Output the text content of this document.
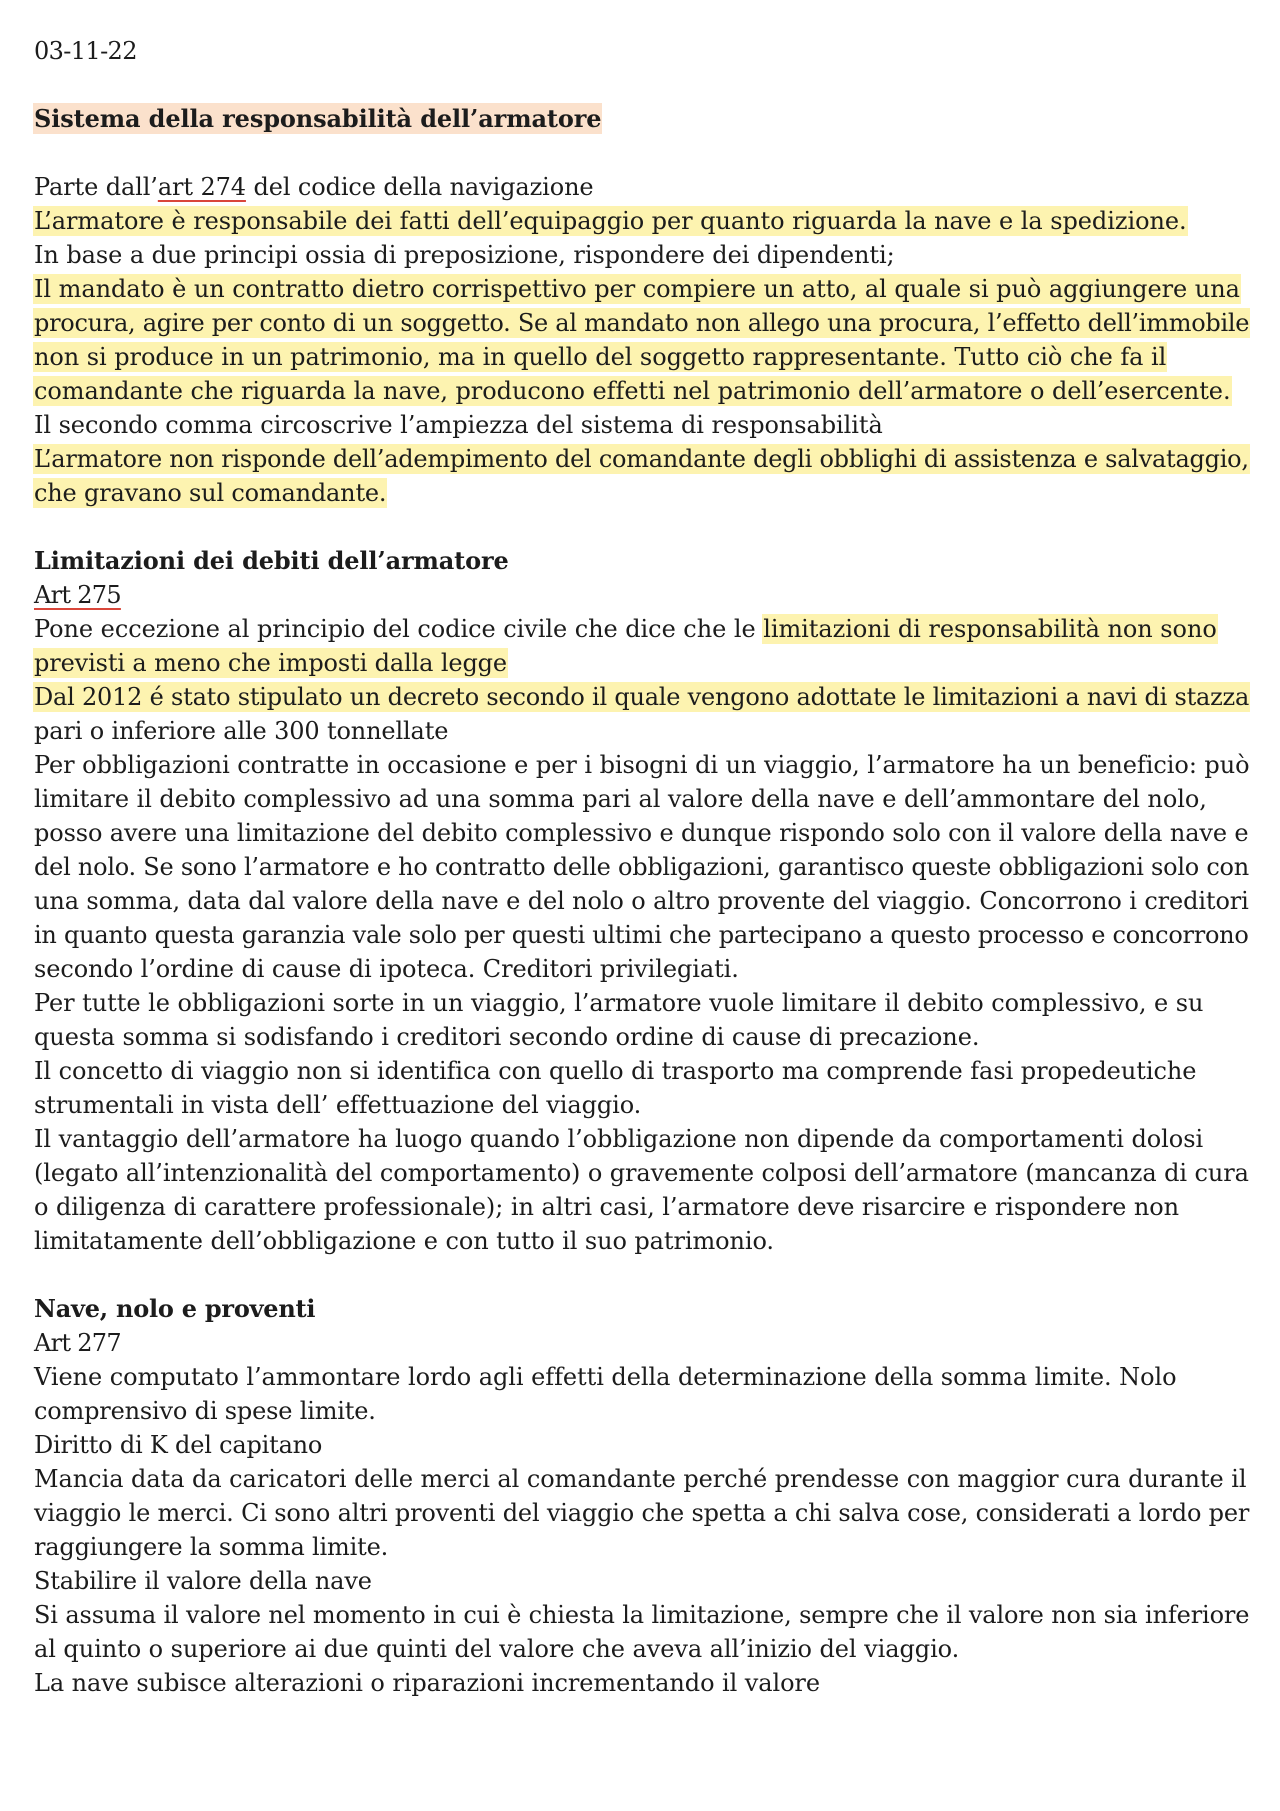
03-11-22
Sistema della responsabilità dell’armatore
Parte dall’art 274 del codice della navigazione
L’armatore è responsabile dei fatti dell’equipaggio per quanto riguarda la nave e la spedizione.
In base a due principi ossia di preposizione, rispondere dei dipendenti;
Il mandato è un contratto dietro corrispettivo per compiere un atto, al quale si può aggiungere una
procura, agire per conto di un soggetto. Se al mandato non allego una procura, l’effetto dell’immobile
non si produce in un patrimonio, ma in quello del soggetto rappresentante. Tutto ciò che fa il
comandante che riguarda la nave, producono effetti nel patrimonio dell’armatore o dell’esercente.
Il secondo comma circoscrive l’ampiezza del sistema di responsabilità
L’armatore non risponde dell’adempimento del comandante degli obblighi di assistenza e salvataggio,
che gravano sul comandante.
Limitazioni dei debiti dell’armatore
Art 275
Pone eccezione al principio del codice civile che dice che le limitazioni di responsabilità non sono
previsti a meno che imposti dalla legge
Dal 2012 é stato stipulato un decreto secondo il quale vengono adottate le limitazioni a navi di stazza
pari o inferiore alle 300 tonnellate
Per obbligazioni contratte in occasione e per i bisogni di un viaggio, l’armatore ha un beneficio: può
limitare il debito complessivo ad una somma pari al valore della nave e dell’ammontare del nolo,
posso avere una limitazione del debito complessivo e dunque rispondo solo con il valore della nave e
del nolo. Se sono l’armatore e ho contratto delle obbligazioni, garantisco queste obbligazioni solo con
una somma, data dal valore della nave e del nolo o altro provente del viaggio. Concorrono i creditori
in quanto questa garanzia vale solo per questi ultimi che partecipano a questo processo e concorrono
secondo l’ordine di cause di ipoteca. Creditori privilegiati.
Per tutte le obbligazioni sorte in un viaggio, l’armatore vuole limitare il debito complessivo, e su
questa somma si sodisfando i creditori secondo ordine di cause di precazione.
Il concetto di viaggio non si identifica con quello di trasporto ma comprende fasi propedeutiche
strumentali in vista dell’ effettuazione del viaggio.
Il vantaggio dell’armatore ha luogo quando l’obbligazione non dipende da comportamenti dolosi
(legato all’intenzionalità del comportamento) o gravemente colposi dell’armatore (mancanza di cura
o diligenza di carattere professionale); in altri casi, l’armatore deve risarcire e rispondere non
limitatamente dell’obbligazione e con tutto il suo patrimonio.
Nave, nolo e proventi
Art 277
Viene computato l’ammontare lordo agli effetti della determinazione della somma limite. Nolo
comprensivo di spese limite.
Diritto di K del capitano
Mancia data da caricatori delle merci al comandante perché prendesse con maggior cura durante il
viaggio le merci. Ci sono altri proventi del viaggio che spetta a chi salva cose, considerati a lordo per
raggiungere la somma limite.
Stabilire il valore della nave
Si assuma il valore nel momento in cui è chiesta la limitazione, sempre che il valore non sia inferiore
al quinto o superiore ai due quinti del valore che aveva all’inizio del viaggio.
La nave subisce alterazioni o riparazioni incrementando il valore
